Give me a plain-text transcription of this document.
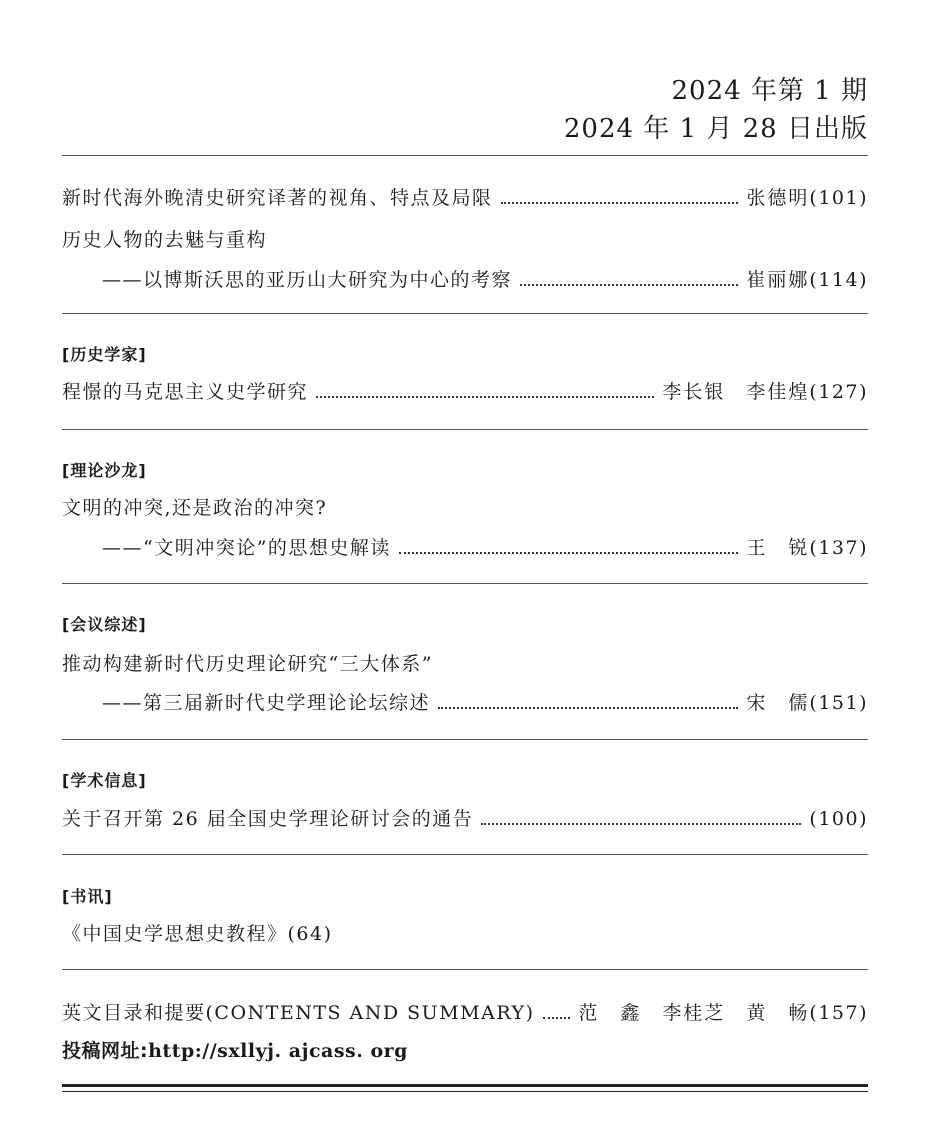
2024 年第 1 期
2024 年 1 月 28 日出版
新时代海外晚清史研究译著的视角、特点及局限	张德明 (101)
历史人物的去魅与重构
——以博斯沃思的亚历山大研究为中心的考察	崔丽娜 (114)
[历史学家]
程憬的马克思主义史学研究	李长银　李佳煌 (127)
[理论沙龙]
文明的冲突,还是政治的冲突?
——“文明冲突论”的思想史解读	王　锐 (137)
[会议综述]
推动构建新时代历史理论研究“三大体系”
——第三届新时代史学理论论坛综述	宋　儒 (151)
[学术信息]
关于召开第 26 届全国史学理论研讨会的通告	(100)
[书讯]
《中国史学思想史教程》(64)
英文目录和提要(CONTENTS AND SUMMARY) 范　鑫　李桂芝　黄　畅 (157)
投稿网址:http://sxllyj. ajcass. org
